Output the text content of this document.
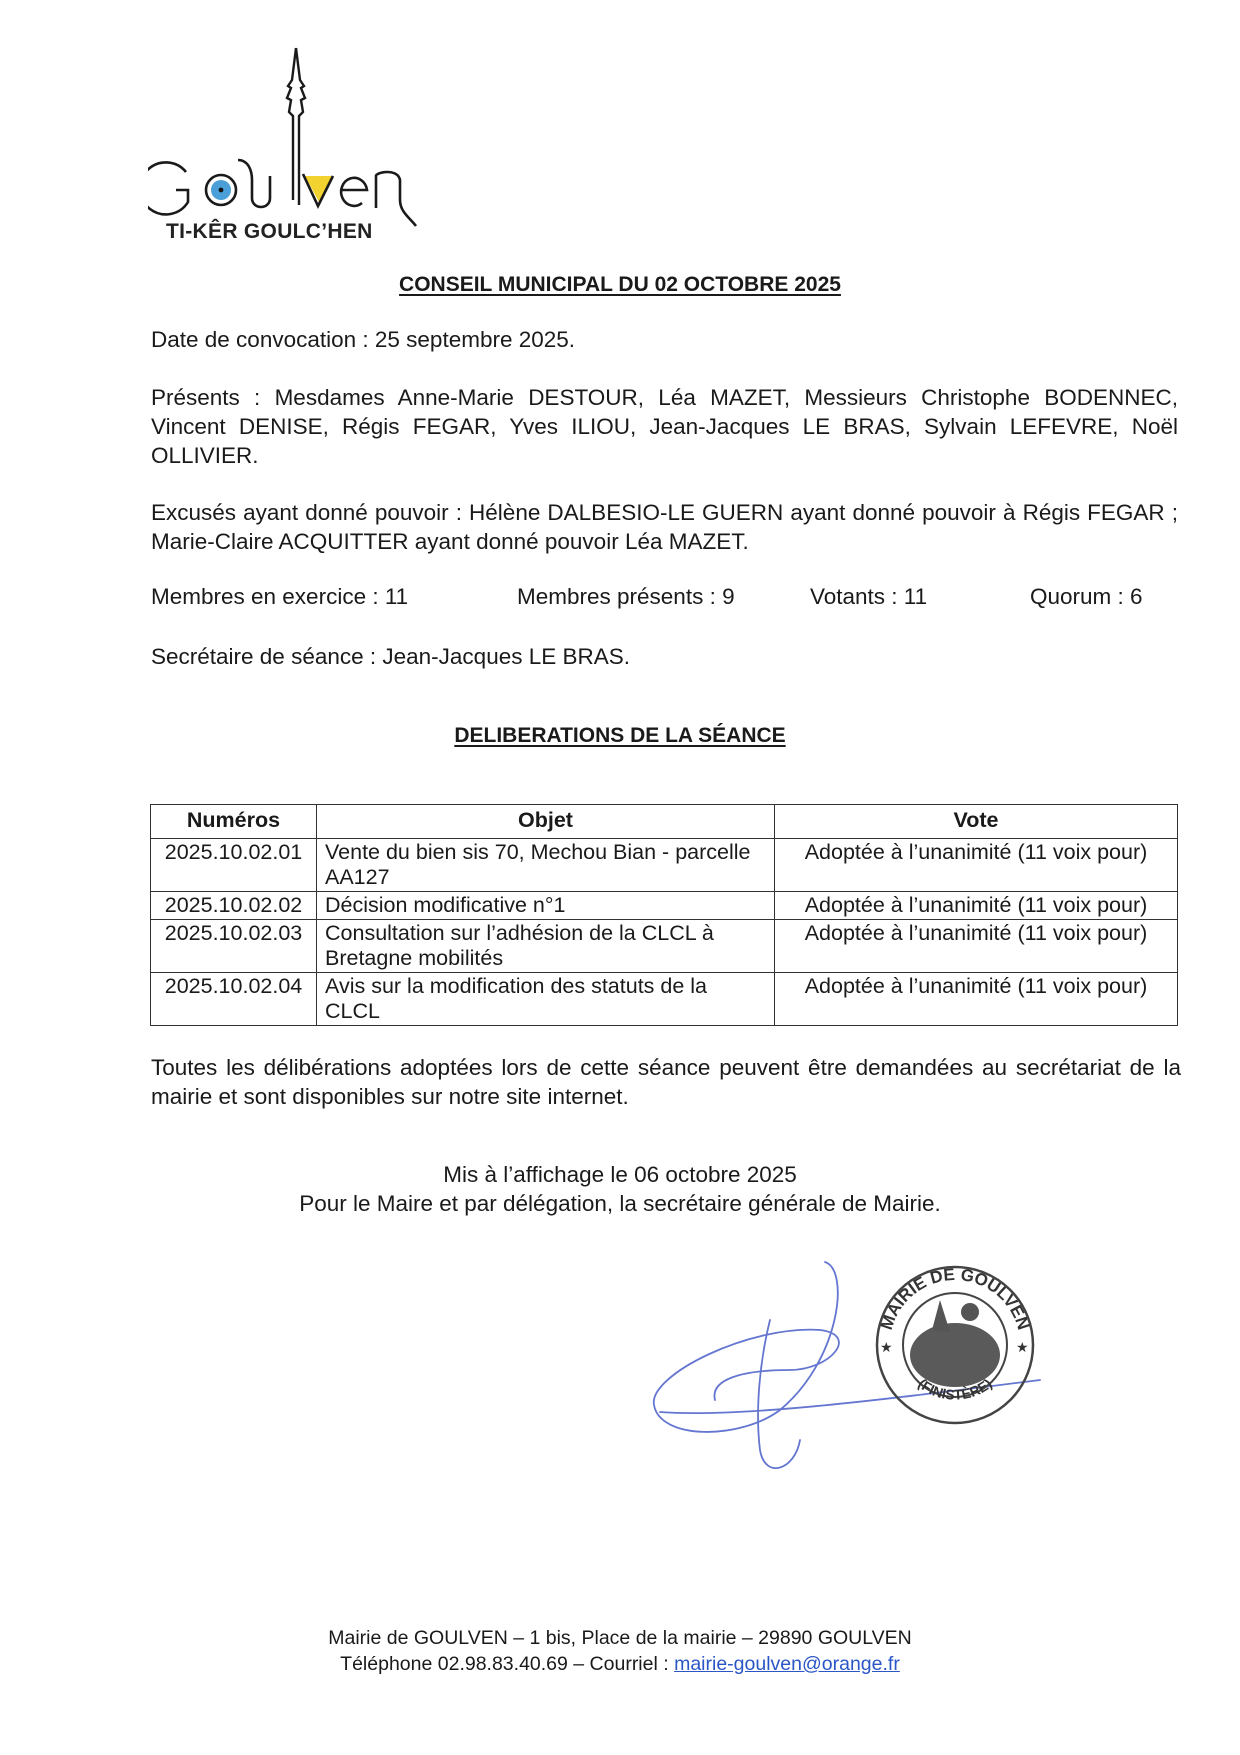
TI-KÊR GOULC’HEN
CONSEIL MUNICIPAL DU 02 OCTOBRE 2025
Date de convocation : 25 septembre 2025.
Présents : Mesdames Anne-Marie DESTOUR, Léa MAZET, Messieurs Christophe BODENNEC, Vincent DENISE, Régis FEGAR, Yves ILIOU, Jean-Jacques LE BRAS, Sylvain LEFEVRE, Noël OLLIVIER.
Excusés ayant donné pouvoir : Hélène DALBESIO-LE GUERN ayant donné pouvoir à Régis FEGAR ; Marie-Claire ACQUITTER ayant donné pouvoir Léa MAZET.
Membres en exercice : 11	Membres présents : 9	Votants : 11	Quorum : 6
Secrétaire de séance : Jean-Jacques LE BRAS.
DELIBERATIONS DE LA SÉANCE
Numéros	Objet	Vote
2025.10.02.01	Vente du bien sis 70, Mechou Bian - parcelle AA127	Adoptée à l’unanimité (11 voix pour)
2025.10.02.02	Décision modificative n°1	Adoptée à l’unanimité (11 voix pour)
2025.10.02.03	Consultation sur l’adhésion de la CLCL à Bretagne mobilités	Adoptée à l’unanimité (11 voix pour)
2025.10.02.04	Avis sur la modification des statuts de la CLCL	Adoptée à l’unanimité (11 voix pour)
Toutes les délibérations adoptées lors de cette séance peuvent être demandées au secrétariat de la mairie et sont disponibles sur notre site internet.
Mis à l’affichage le 06 octobre 2025
Pour le Maire et par délégation, la secrétaire générale de Mairie.
MAIRIE DE GOULVEN
(FINISTÈRE)
★	★
Mairie de GOULVEN – 1 bis, Place de la mairie – 29890 GOULVEN
Téléphone 02.98.83.40.69 – Courriel : mairie-goulven@orange.fr
